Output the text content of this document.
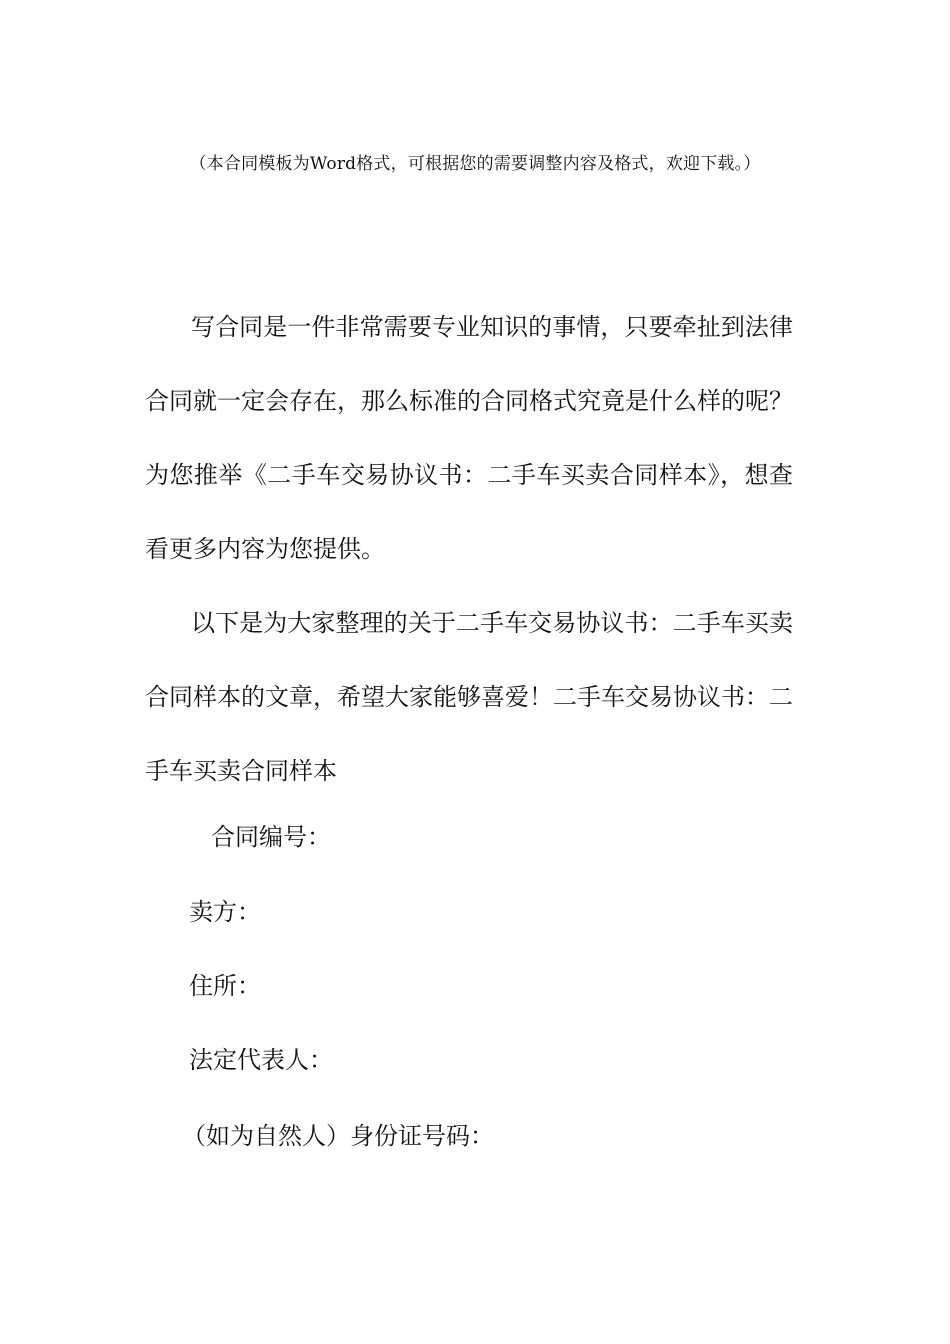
（本合同模板为Word格式，可根据您的需要调整内容及格式，欢迎下载。）

写合同是一件非常需要专业知识的事情，只要牵扯到法律合同就一定会存在，那么标准的合同格式究竟是什么样的呢？为您推举《二手车交易协议书：二手车买卖合同样本》，想查看更多内容为您提供。

以下是为大家整理的关于二手车交易协议书：二手车买卖合同样本的文章，希望大家能够喜爱！二手车交易协议书：二手车买卖合同样本

合同编号：
卖方：
住所：
法定代表人：
（如为自然人）身份证号码：
